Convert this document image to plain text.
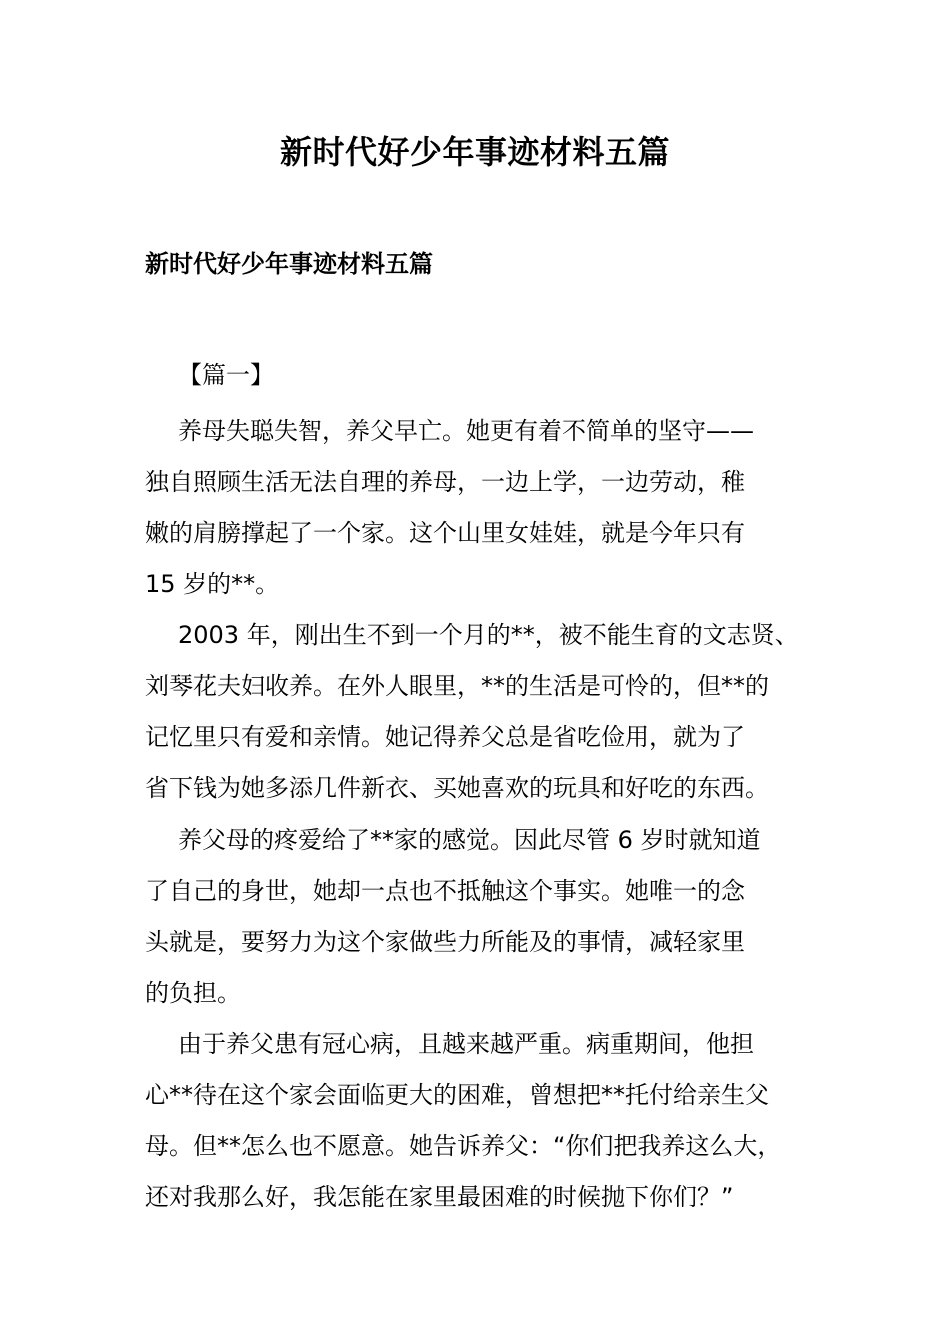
新时代好少年事迹材料五篇
新时代好少年事迹材料五篇
【篇一】
养母失聪失智，养父早亡。她更有着不简单的坚守——
独自照顾生活无法自理的养母，一边上学，一边劳动，稚
嫩的肩膀撑起了一个家。这个山里女娃娃，就是今年只有
15 岁的**。
2003 年，刚出生不到一个月的**，被不能生育的文志贤、
刘琴花夫妇收养。在外人眼里，**的生活是可怜的，但**的
记忆里只有爱和亲情。她记得养父总是省吃俭用，就为了
省下钱为她多添几件新衣、买她喜欢的玩具和好吃的东西。
养父母的疼爱给了**家的感觉。因此尽管 6 岁时就知道
了自己的身世，她却一点也不抵触这个事实。她唯一的念
头就是，要努力为这个家做些力所能及的事情，减轻家里
的负担。
由于养父患有冠心病，且越来越严重。病重期间，他担
心**待在这个家会面临更大的困难，曾想把**托付给亲生父
母。但**怎么也不愿意。她告诉养父：“你们把我养这么大，
还对我那么好，我怎能在家里最困难的时候抛下你们？”
